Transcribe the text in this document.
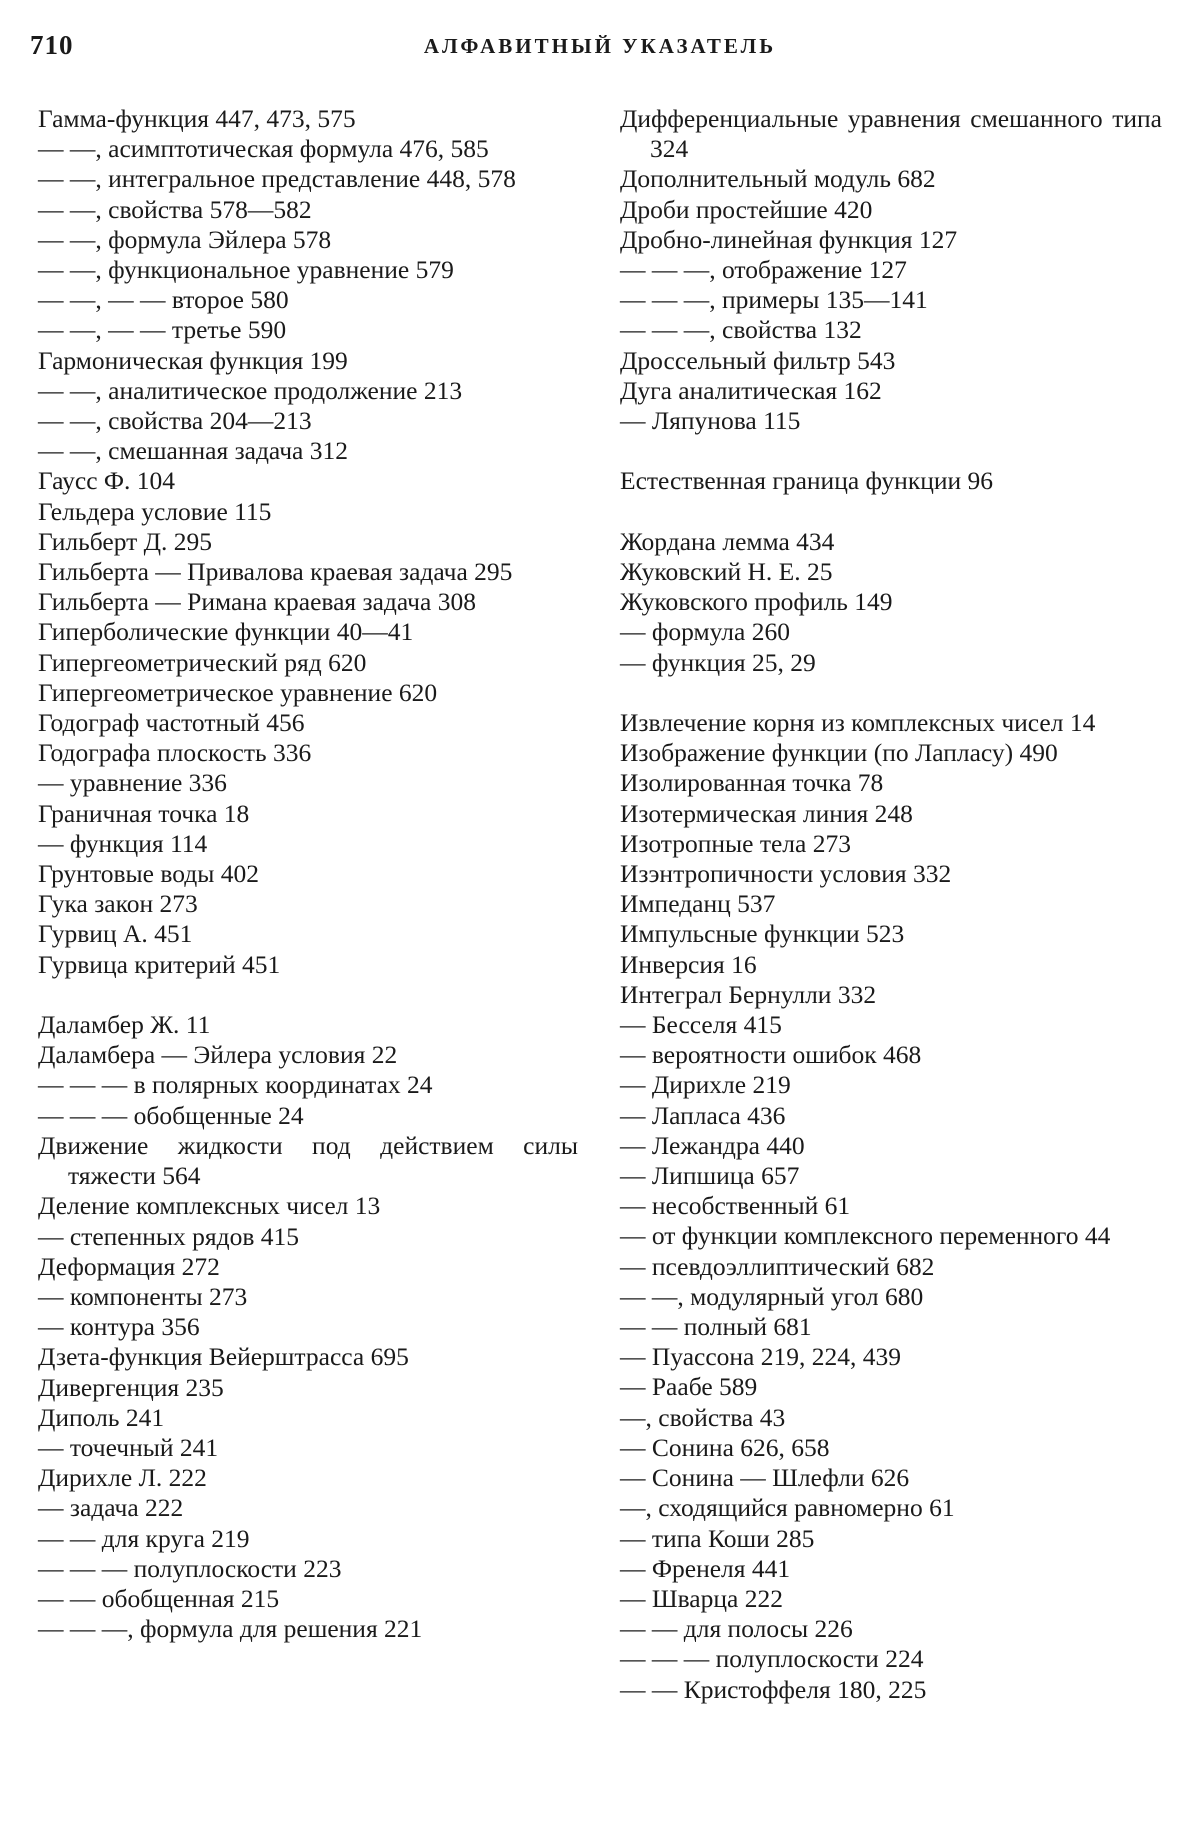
710	АЛФАВИТНЫЙ УКАЗАТЕЛЬ

Гамма-функция 447, 473, 575

— —, асимптотическая формула 476, 585

— —, интегральное представление 448, 578

— —, свойства 578—582

— —, формула Эйлера 578

— —, функциональное уравнение 579

— —, — — второе 580

— —, — — третье 590

Гармоническая функция 199

— —, аналитическое продолжение 213

— —, свойства 204—213

— —, смешанная задача 312

Гаусс Ф. 104

Гельдера условие 115

Гильберт Д. 295

Гильберта — Привалова краевая задача 295

Гильберта — Римана краевая задача 308

Гиперболические функции 40—41

Гипергеометрический ряд 620

Гипергеометрическое уравнение 620

Годограф частотный 456

Годографа плоскость 336

— уравнение 336

Граничная точка 18

— функция 114

Грунтовые воды 402

Гука закон 273

Гурвиц А. 451

Гурвица критерий 451

Даламбер Ж. 11

Даламбера — Эйлера условия 22

— — — в полярных координатах 24

— — — обобщенные 24

Движение жидкости под действием силы тяжести 564

Деление комплексных чисел 13

— степенных рядов 415

Деформация 272

— компоненты 273

— контура 356

Дзета-функция Вейерштрасса 695

Дивергенция 235

Диполь 241

— точечный 241

Дирихле Л. 222

— задача 222

— — для круга 219

— — — полуплоскости 223

— — обобщенная 215

— — —, формула для решения 221

Дифференциальные уравнения смешанного типа 324

Дополнительный модуль 682

Дроби простейшие 420

Дробно-линейная функция 127

— — —, отображение 127

— — —, примеры 135—141

— — —, свойства 132

Дроссельный фильтр 543

Дуга аналитическая 162

— Ляпунова 115

Естественная граница функции 96

Жордана лемма 434

Жуковский Н. Е. 25

Жуковского профиль 149

— формула 260

— функция 25, 29

Извлечение корня из комплексных чисел 14

Изображение функции (по Лапласу) 490

Изолированная точка 78

Изотермическая линия 248

Изотропные тела 273

Изэнтропичности условия 332

Импеданц 537

Импульсные функции 523

Инверсия 16

Интеграл Бернулли 332

— Бесселя 415

— вероятности ошибок 468

— Дирихле 219

— Лапласа 436

— Лежандра 440

— Липшица 657

— несобственный 61

— от функции комплексного переменного 44

— псевдоэллиптический 682

— —, модулярный угол 680

— — полный 681

— Пуассона 219, 224, 439

— Раабе 589

—, свойства 43

— Сонина 626, 658

— Сонина — Шлефли 626

—, сходящийся равномерно 61

— типа Коши 285

— Френеля 441

— Шварца 222

— — для полосы 226

— — — полуплоскости 224

— — Кристоффеля 180, 225
